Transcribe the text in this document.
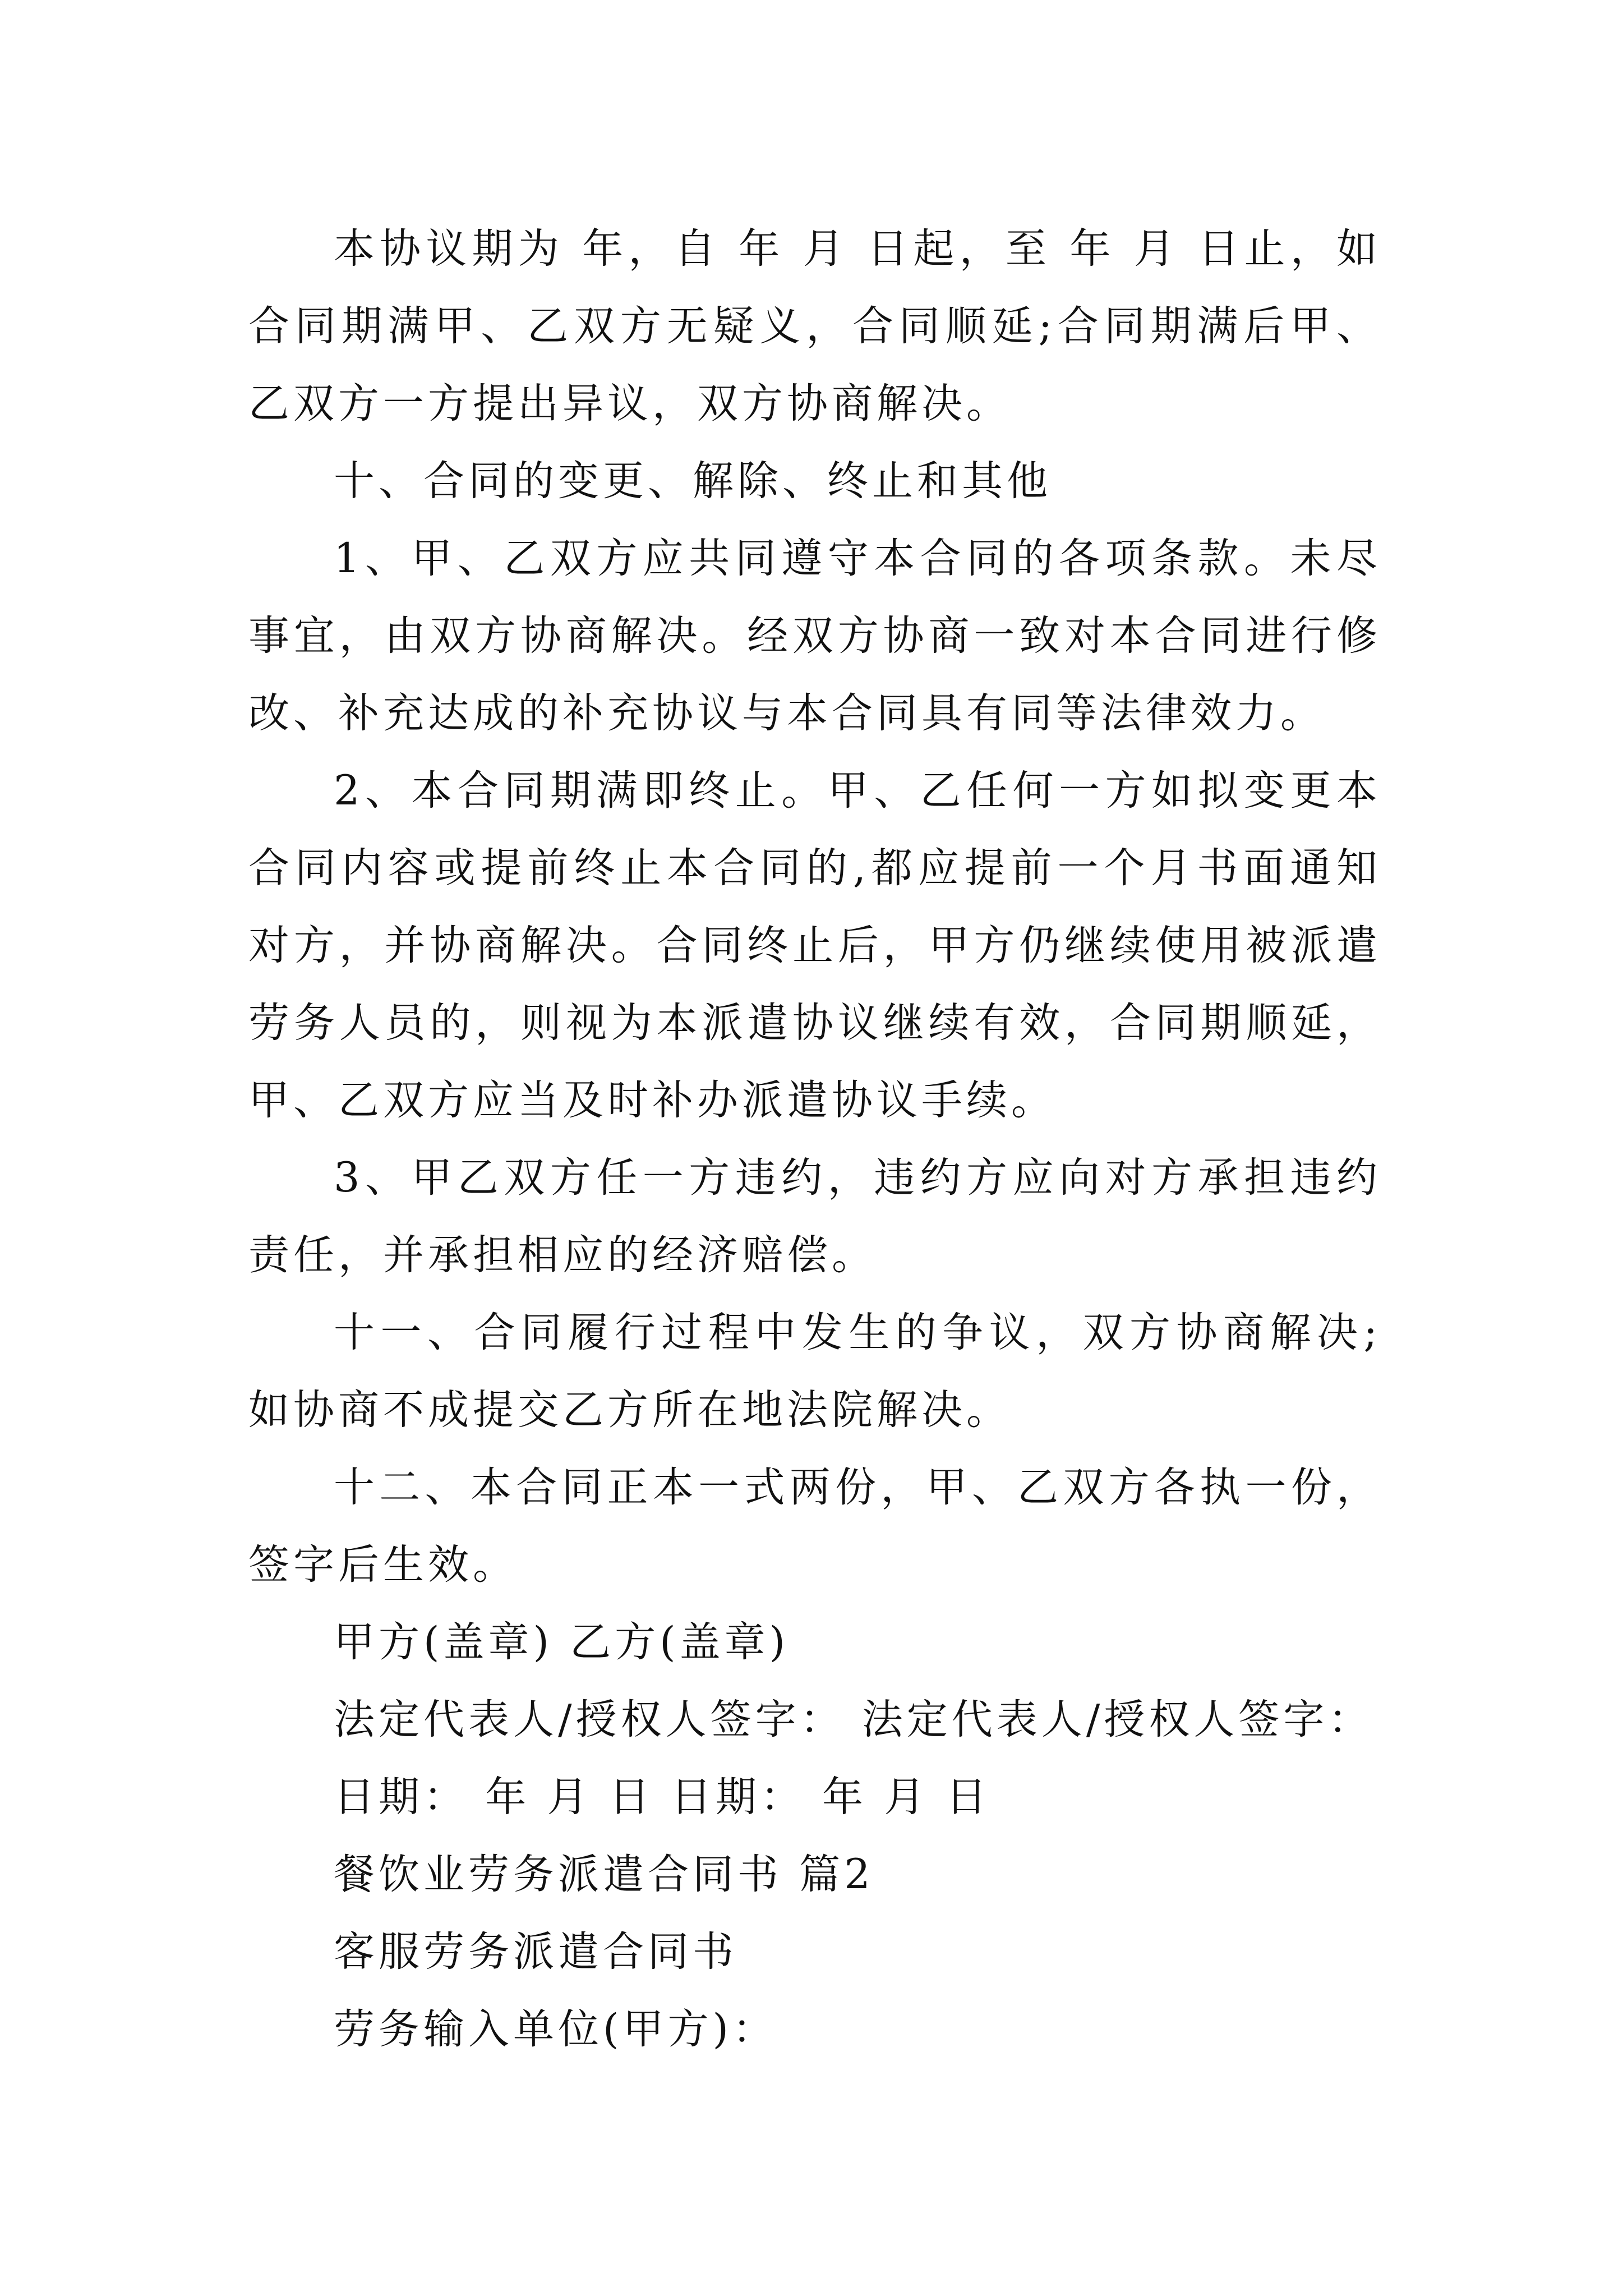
本协议期为 年，自 年 月 日起，至 年 月 日止，如合同期满甲、乙双方无疑义，合同顺延;合同期满后甲、乙双方一方提出异议，双方协商解决。

十、合同的变更、解除、终止和其他

1、甲、乙双方应共同遵守本合同的各项条款。未尽事宜，由双方协商解决。经双方协商一致对本合同进行修改、补充达成的补充协议与本合同具有同等法律效力。

2、本合同期满即终止。甲、乙任何一方如拟变更本合同内容或提前终止本合同的,都应提前一个月书面通知对方，并协商解决。合同终止后，甲方仍继续使用被派遣劳务人员的，则视为本派遣协议继续有效，合同期顺延，甲、乙双方应当及时补办派遣协议手续。

3、甲乙双方任一方违约，违约方应向对方承担违约责任，并承担相应的经济赔偿。

十一、合同履行过程中发生的争议，双方协商解决;如协商不成提交乙方所在地法院解决。

十二、本合同正本一式两份，甲、乙双方各执一份，签字后生效。

甲方(盖章) 乙方(盖章)

法定代表人/授权人签字： 法定代表人/授权人签字：

日期： 年 月 日 日期： 年 月 日

餐饮业劳务派遣合同书 篇2

客服劳务派遣合同书

劳务输入单位(甲方)：
